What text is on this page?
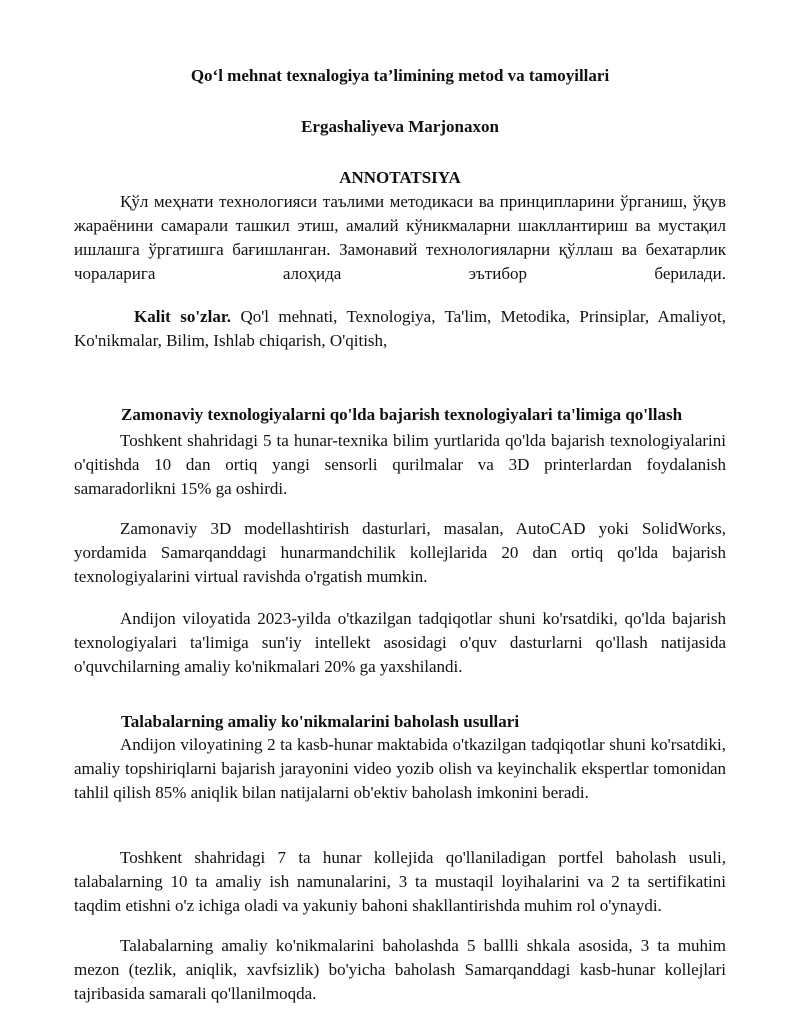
Qo‘l mehnat texnalogiya ta’limining metod va tamoyillari

Ergashaliyeva Marjonaxon

ANNOTATSIYA

Қўл меҳнати технологияси таълими методикаси ва принципларини ўрганиш, ўқув жараёнини самарали ташкил этиш, амалий кўникмаларни шакллантириш ва мустақил ишлашга ўргатишга бағишланган. Замонавий технологияларни қўллаш ва бехатарлик чораларига алоҳида эътибор берилади.

Kalit so'zlar. Qo'l mehnati, Texnologiya, Ta'lim, Metodika, Prinsiplar, Amaliyot, Ko'nikmalar, Bilim, Ishlab chiqarish, O'qitish,

Zamonaviy texnologiyalarni qo'lda bajarish texnologiyalari ta'limiga qo'llash

Toshkent shahridagi 5 ta hunar-texnika bilim yurtlarida qo'lda bajarish texnologiyalarini o'qitishda 10 dan ortiq yangi sensorli qurilmalar va 3D printerlardan foydalanish samaradorlikni 15% ga oshirdi.

Zamonaviy 3D modellashtirish dasturlari, masalan, AutoCAD yoki SolidWorks, yordamida Samarqanddagi hunarmandchilik kollejlarida 20 dan ortiq qo'lda bajarish texnologiyalarini virtual ravishda o'rgatish mumkin.

Andijon viloyatida 2023-yilda o'tkazilgan tadqiqotlar shuni ko'rsatdiki, qo'lda bajarish texnologiyalari ta'limiga sun'iy intellekt asosidagi o'quv dasturlarni qo'llash natijasida o'quvchilarning amaliy ko'nikmalari 20% ga yaxshilandi.

Talabalarning amaliy ko'nikmalarini baholash usullari

Andijon viloyatining 2 ta kasb-hunar maktabida o'tkazilgan tadqiqotlar shuni ko'rsatdiki, amaliy topshiriqlarni bajarish jarayonini video yozib olish va keyinchalik ekspertlar tomonidan tahlil qilish 85% aniqlik bilan natijalarni ob'ektiv baholash imkonini beradi.

Toshkent shahridagi 7 ta hunar kollejida qo'llaniladigan portfel baholash usuli, talabalarning 10 ta amaliy ish namunalarini, 3 ta mustaqil loyihalarini va 2 ta sertifikatini taqdim etishni o'z ichiga oladi va yakuniy bahoni shakllantirishda muhim rol o'ynaydi.

Talabalarning amaliy ko'nikmalarini baholashda 5 ballli shkala asosida, 3 ta muhim mezon (tezlik, aniqlik, xavfsizlik) bo'yicha baholash Samarqanddagi kasb-hunar kollejlari tajribasida samarali qo'llanilmoqda.
